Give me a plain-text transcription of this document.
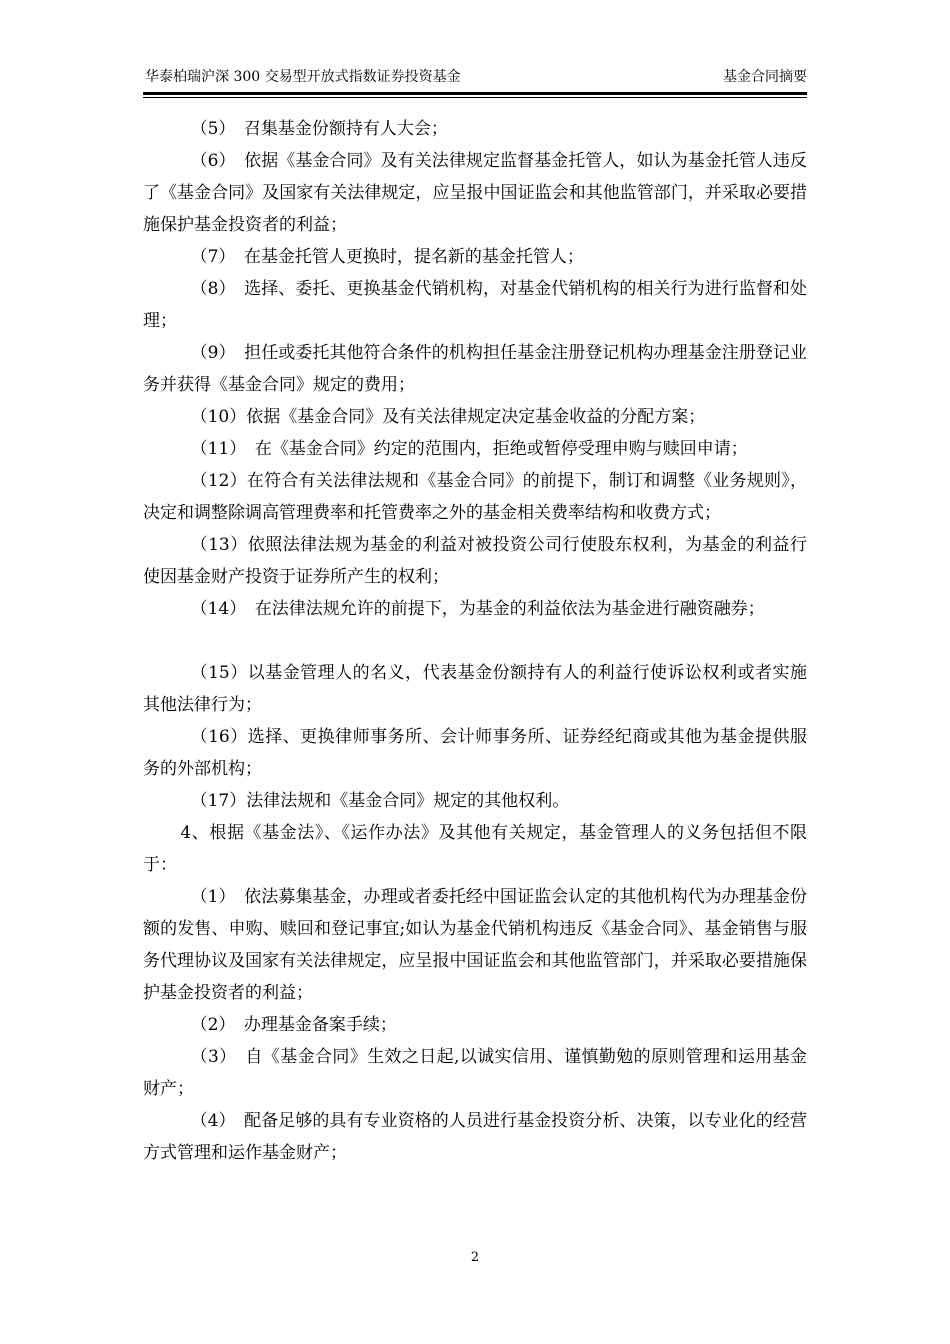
华泰柏瑞沪深 300 交易型开放式指数证券投资基金	基金合同摘要

（5）　召集基金份额持有人大会；

（6）　依据《基金合同》及有关法律规定监督基金托管人，如认为基金托管人违反了《基金合同》及国家有关法律规定，应呈报中国证监会和其他监管部门，并采取必要措施保护基金投资者的利益；

（7）　在基金托管人更换时，提名新的基金托管人；

（8）　选择、委托、更换基金代销机构，对基金代销机构的相关行为进行监督和处理；

（9）　担任或委托其他符合条件的机构担任基金注册登记机构办理基金注册登记业务并获得《基金合同》规定的费用；

（10）依据《基金合同》及有关法律规定决定基金收益的分配方案；

（11）　在《基金合同》约定的范围内，拒绝或暂停受理申购与赎回申请；

（12）在符合有关法律法规和《基金合同》的前提下，制订和调整《业务规则》，决定和调整除调高管理费率和托管费率之外的基金相关费率结构和收费方式；

（13）依照法律法规为基金的利益对被投资公司行使股东权利，为基金的利益行使因基金财产投资于证券所产生的权利；

（14）　在法律法规允许的前提下，为基金的利益依法为基金进行融资融券；

（15）以基金管理人的名义，代表基金份额持有人的利益行使诉讼权利或者实施其他法律行为；

（16）选择、更换律师事务所、会计师事务所、证券经纪商或其他为基金提供服务的外部机构；

（17）法律法规和《基金合同》规定的其他权利。

4、根据《基金法》、《运作办法》及其他有关规定，基金管理人的义务包括但不限于：

（1）　依法募集基金，办理或者委托经中国证监会认定的其他机构代为办理基金份额的发售、申购、赎回和登记事宜;如认为基金代销机构违反《基金合同》、基金销售与服务代理协议及国家有关法律规定，应呈报中国证监会和其他监管部门，并采取必要措施保护基金投资者的利益；

（2）　办理基金备案手续；

（3）　自《基金合同》生效之日起,以诚实信用、谨慎勤勉的原则管理和运用基金财产；

（4）　配备足够的具有专业资格的人员进行基金投资分析、决策，以专业化的经营方式管理和运作基金财产；

2
